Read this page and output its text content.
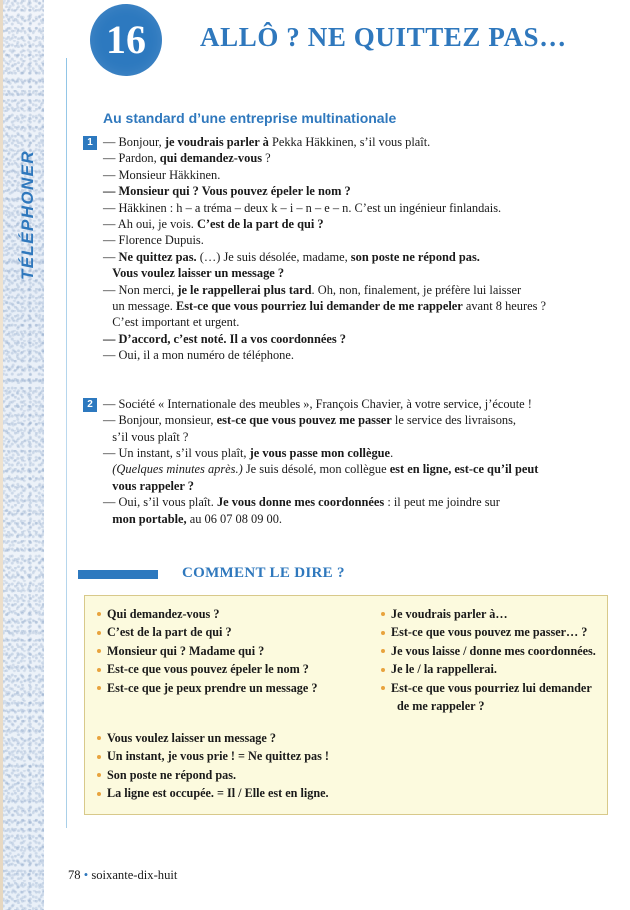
TÉLÉPHONER
16	ALLÔ ? NE QUITTEZ PAS…
Au standard d’une entreprise multinationale
1 — Bonjour, je voudrais parler à Pekka Häkkinen, s’il vous plaît.
— Pardon, qui demandez-vous ?
— Monsieur Häkkinen.
— Monsieur qui ? Vous pouvez épeler le nom ?
— Häkkinen : h – a tréma – deux k – i – n – e – n. C’est un ingénieur finlandais.
— Ah oui, je vois. C’est de la part de qui ?
— Florence Dupuis.
— Ne quittez pas. (…) Je suis désolée, madame, son poste ne répond pas.
Vous voulez laisser un message ?
— Non merci, je le rappellerai plus tard. Oh, non, finalement, je préfère lui laisser
un message. Est-ce que vous pourriez lui demander de me rappeler avant 8 heures ?
C’est important et urgent.
— D’accord, c’est noté. Il a vos coordonnées ?
— Oui, il a mon numéro de téléphone.
2 — Société « Internationale des meubles », François Chavier, à votre service, j’écoute !
— Bonjour, monsieur, est-ce que vous pouvez me passer le service des livraisons,
s’il vous plaît ?
— Un instant, s’il vous plaît, je vous passe mon collègue.
(Quelques minutes après.) Je suis désolé, mon collègue est en ligne, est-ce qu’il peut
vous rappeler ?
— Oui, s’il vous plaît. Je vous donne mes coordonnées : il peut me joindre sur
mon portable, au 06 07 08 09 00.
COMMENT LE DIRE ?
Qui demandez-vous ?
C’est de la part de qui ?
Monsieur qui ? Madame qui ?
Est-ce que vous pouvez épeler le nom ?
Est-ce que je peux prendre un message ?
Je voudrais parler à…
Est-ce que vous pouvez me passer… ?
Je vous laisse / donne mes coordonnées.
Je le / la rappellerai.
Est-ce que vous pourriez lui demander
de me rappeler ?
Vous voulez laisser un message ?
Un instant, je vous prie ! = Ne quittez pas !
Son poste ne répond pas.
La ligne est occupée. = Il / Elle est en ligne.
78 • soixante-dix-huit
